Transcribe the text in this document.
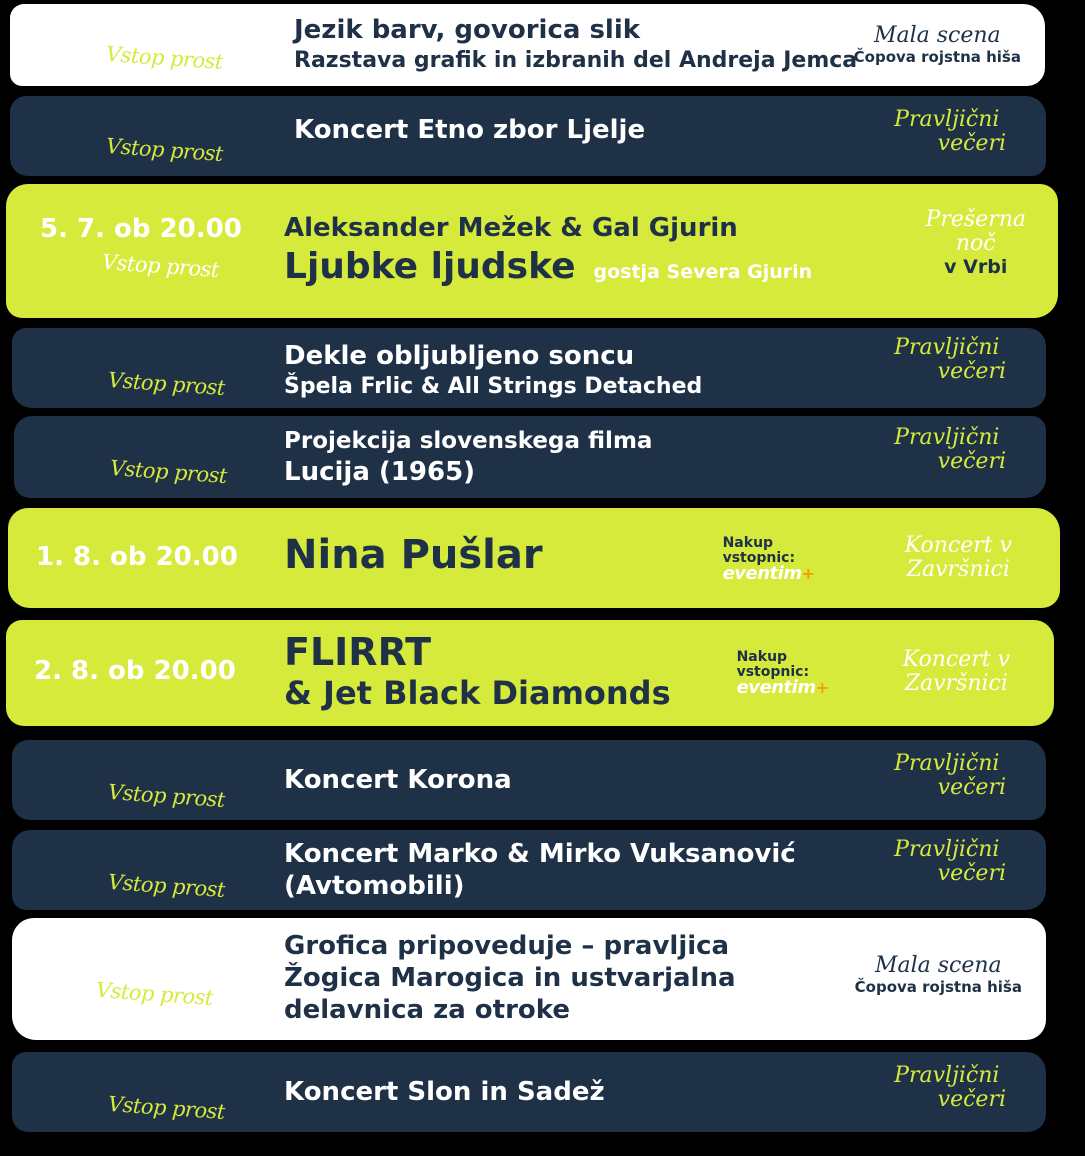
Vstop prost
Jezik barv, govorica slik
Razstava grafik in izbranih del Andreja Jemca
Mala scena
Čopova rojstna hiša
Vstop prost
Koncert Etno zbor Ljelje	Pravljični
večeri
5. 7. ob 20.00
Vstop prost
Aleksander Mežek & Gal Gjurin
Ljubke ljudske gostja Severa Gjurin
Prešerna
noč
v Vrbi
Vstop prost
Dekle obljubljeno soncu
Špela Frlic & All Strings Detached
Pravljični
večeri
Vstop prost
Projekcija slovenskega filma
Lucija (1965)
Pravljični
večeri
1. 8. ob 20.00 Nina Pušlar	Nakup
vstopnic:
eventim+
Koncert v
Završnici
2. 8. ob 20.00 FLIRRT
& Jet Black Diamonds
Nakup
vstopnic:
eventim+
Koncert v
Završnici
Vstop prost Koncert Korona
Pravljični
večeri
Vstop prost
Koncert Marko & Mirko Vuksanović
(Avtomobili)
Pravljični
večeri
Vstop prost
Grofica pripoveduje – pravljica
Žogica Marogica in ustvarjalna
delavnica za otroke
Mala scena
Čopova rojstna hiša
Vstop prost Koncert Slon in Sadež
Pravljični
večeri
